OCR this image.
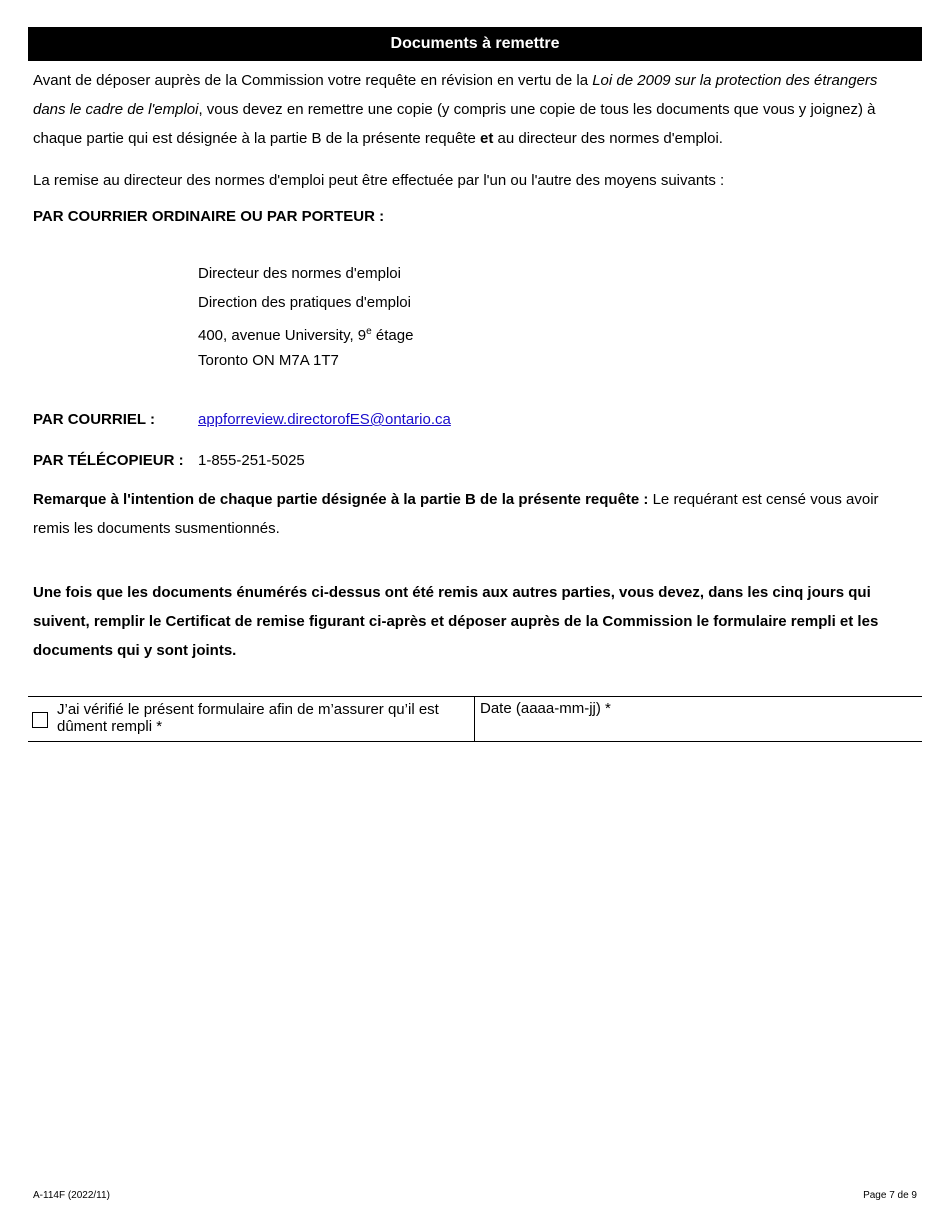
Documents à remettre
Avant de déposer auprès de la Commission votre requête en révision en vertu de la Loi de 2009 sur la protection des étrangers dans le cadre de l'emploi, vous devez en remettre une copie (y compris une copie de tous les documents que vous y joignez) à chaque partie qui est désignée à la partie B de la présente requête et au directeur des normes d'emploi.
La remise au directeur des normes d'emploi peut être effectuée par l'un ou l'autre des moyens suivants :
PAR COURRIER ORDINAIRE OU PAR PORTEUR :
Directeur des normes d'emploi
Direction des pratiques d'emploi
400, avenue University, 9e étage
Toronto ON M7A 1T7
PAR COURRIEL :	appforreview.directorofES@ontario.ca
PAR TÉLÉCOPIEUR : 1-855-251-5025
Remarque à l'intention de chaque partie désignée à la partie B de la présente requête : Le requérant est censé vous avoir remis les documents susmentionnés.
Une fois que les documents énumérés ci-dessus ont été remis aux autres parties, vous devez, dans les cinq jours qui suivent, remplir le Certificat de remise figurant ci-après et déposer auprès de la Commission le formulaire rempli et les documents qui y sont joints.
J’ai vérifié le présent formulaire afin de m’assurer qu’il est dûment rempli *
Date (aaaa-mm-jj) *
A-114F (2022/11)	Page 7 de 9
